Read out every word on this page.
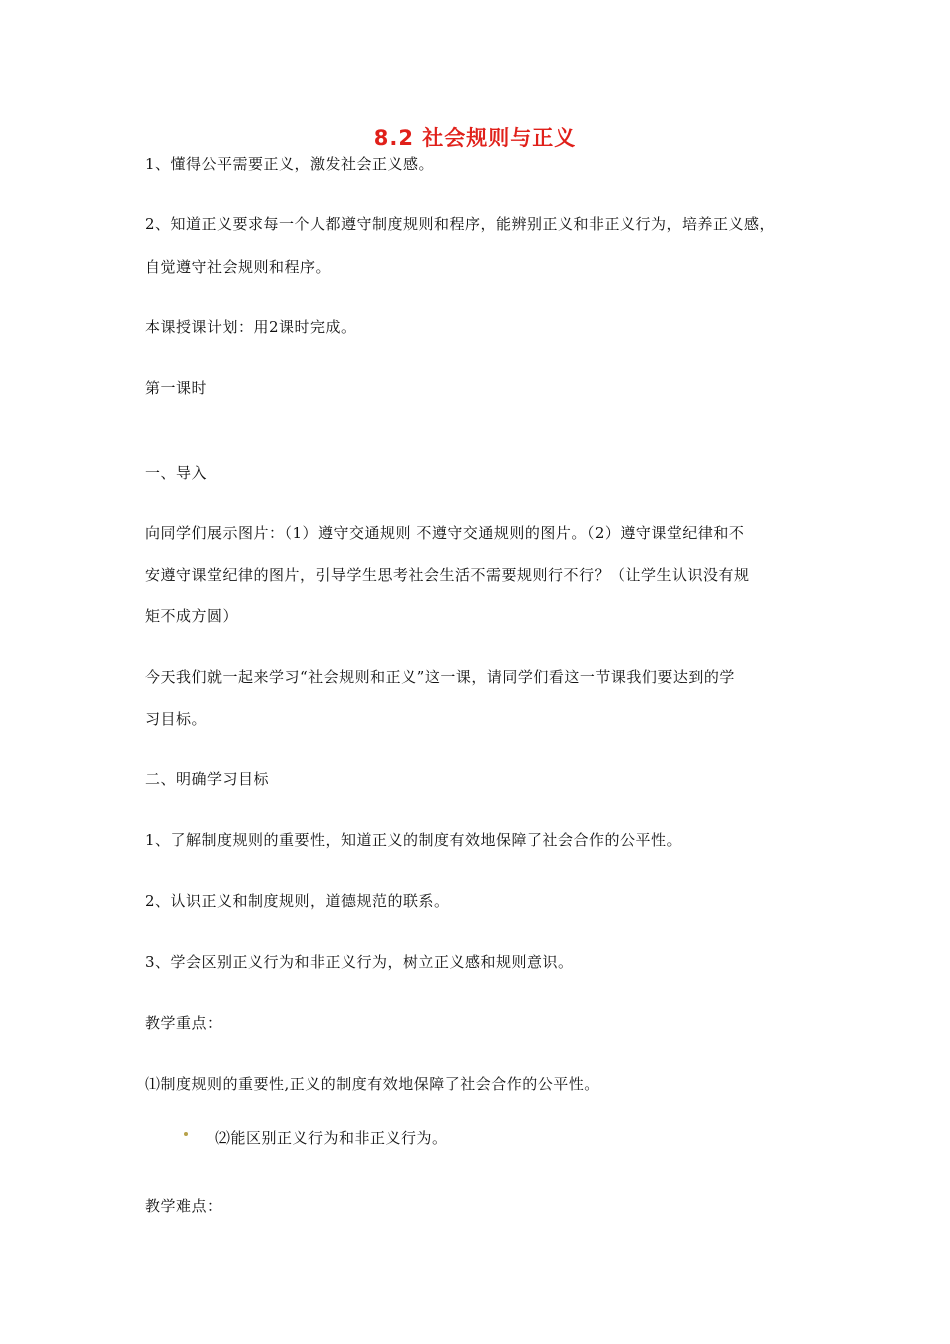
8.2 社会规则与正义
1、懂得公平需要正义，激发社会正义感。
2、知道正义要求每一个人都遵守制度规则和程序，能辨别正义和非正义行为，培养正义感，
自觉遵守社会规则和程序。
本课授课计划：用2课时完成。
第一课时
一、导入
向同学们展示图片：（1）遵守交通规则 不遵守交通规则的图片。（2）遵守课堂纪律和不
安遵守课堂纪律的图片，引导学生思考社会生活不需要规则行不行？（让学生认识没有规
矩不成方圆）
今天我们就一起来学习“社会规则和正义”这一课，请同学们看这一节课我们要达到的学
习目标。
二、明确学习目标
1、了解制度规则的重要性，知道正义的制度有效地保障了社会合作的公平性。
2、认识正义和制度规则，道德规范的联系。
3、学会区别正义行为和非正义行为，树立正义感和规则意识。
教学重点：
⑴制度规则的重要性,正义的制度有效地保障了社会合作的公平性。
⑵能区别正义行为和非正义行为。
教学难点：
